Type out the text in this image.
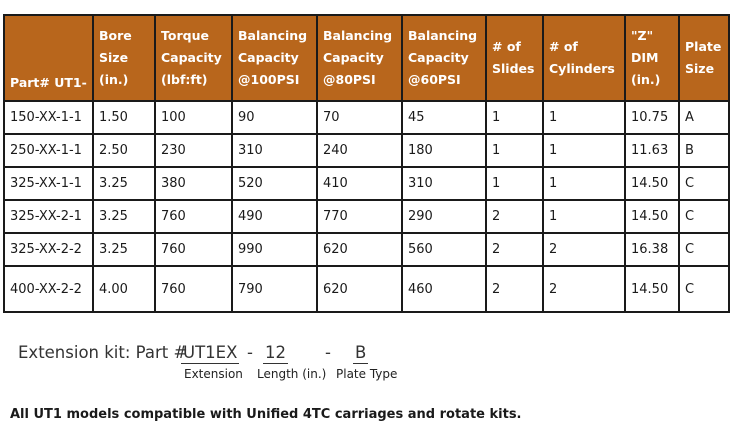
Part# UT1-	Bore Size (in.)	Torque Capacity (lbf:ft)	Balancing Capacity @100PSI	Balancing Capacity @80PSI	Balancing Capacity @60PSI	# of Slides	# of Cylinders	"Z" DIM (in.)	Plate Size
150-XX-1-1	1.50	100	90	70	45	1	1	10.75	A
250-XX-1-1	2.50	230	310	240	180	1	1	11.63	B
325-XX-1-1	3.25	380	520	410	310	1	1	14.50	C
325-XX-2-1	3.25	760	490	770	290	2	1	14.50	C
325-XX-2-2	3.25	760	990	620	560	2	2	16.38	C
400-XX-2-2	4.00	760	790	620	460	2	2	14.50	C
Extension kit: Part #
UT1EX - 12 - B
Extension Length (in.) Plate Type
All UT1 models compatible with Unified 4TC carriages and rotate kits.
